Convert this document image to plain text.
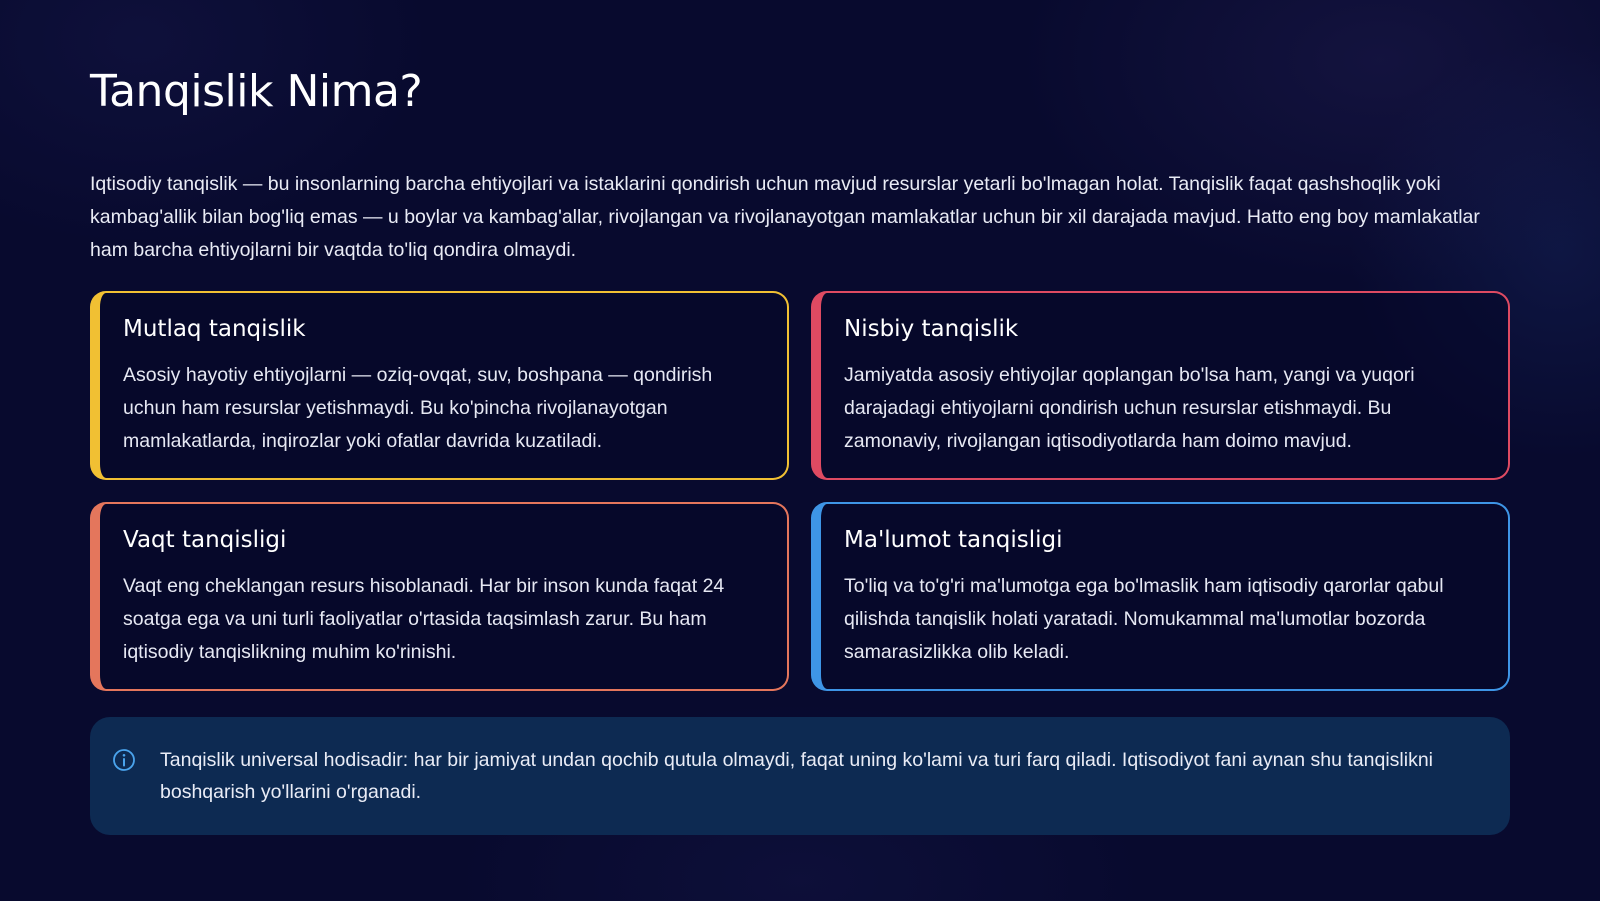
Tanqislik Nima?

Iqtisodiy tanqislik — bu insonlarning barcha ehtiyojlari va istaklarini qondirish uchun mavjud resurslar yetarli bo'lmagan holat. Tanqislik faqat qashshoqlik yoki kambag'allik bilan bog'liq emas — u boylar va kambag'allar, rivojlangan va rivojlanayotgan mamlakatlar uchun bir xil darajada mavjud. Hatto eng boy mamlakatlar ham barcha ehtiyojlarni bir vaqtda to'liq qondira olmaydi.

Mutlaq tanqislik

Asosiy hayotiy ehtiyojlarni — oziq-ovqat, suv, boshpana — qondirish uchun ham resurslar yetishmaydi. Bu ko'pincha rivojlanayotgan mamlakatlarda, inqirozlar yoki ofatlar davrida kuzatiladi.

Nisbiy tanqislik

Jamiyatda asosiy ehtiyojlar qoplangan bo'lsa ham, yangi va yuqori darajadagi ehtiyojlarni qondirish uchun resurslar etishmaydi. Bu zamonaviy, rivojlangan iqtisodiyotlarda ham doimo mavjud.

Vaqt tanqisligi

Vaqt eng cheklangan resurs hisoblanadi. Har bir inson kunda faqat 24 soatga ega va uni turli faoliyatlar o'rtasida taqsimlash zarur. Bu ham iqtisodiy tanqislikning muhim ko'rinishi.

Ma'lumot tanqisligi

To'liq va to'g'ri ma'lumotga ega bo'lmaslik ham iqtisodiy qarorlar qabul qilishda tanqislik holati yaratadi. Nomukammal ma'lumotlar bozorda samarasizlikka olib keladi.

Tanqislik universal hodisadir: har bir jamiyat undan qochib qutula olmaydi, faqat uning ko'lami va turi farq qiladi. Iqtisodiyot fani aynan shu tanqislikni boshqarish yo'llarini o'rganadi.
